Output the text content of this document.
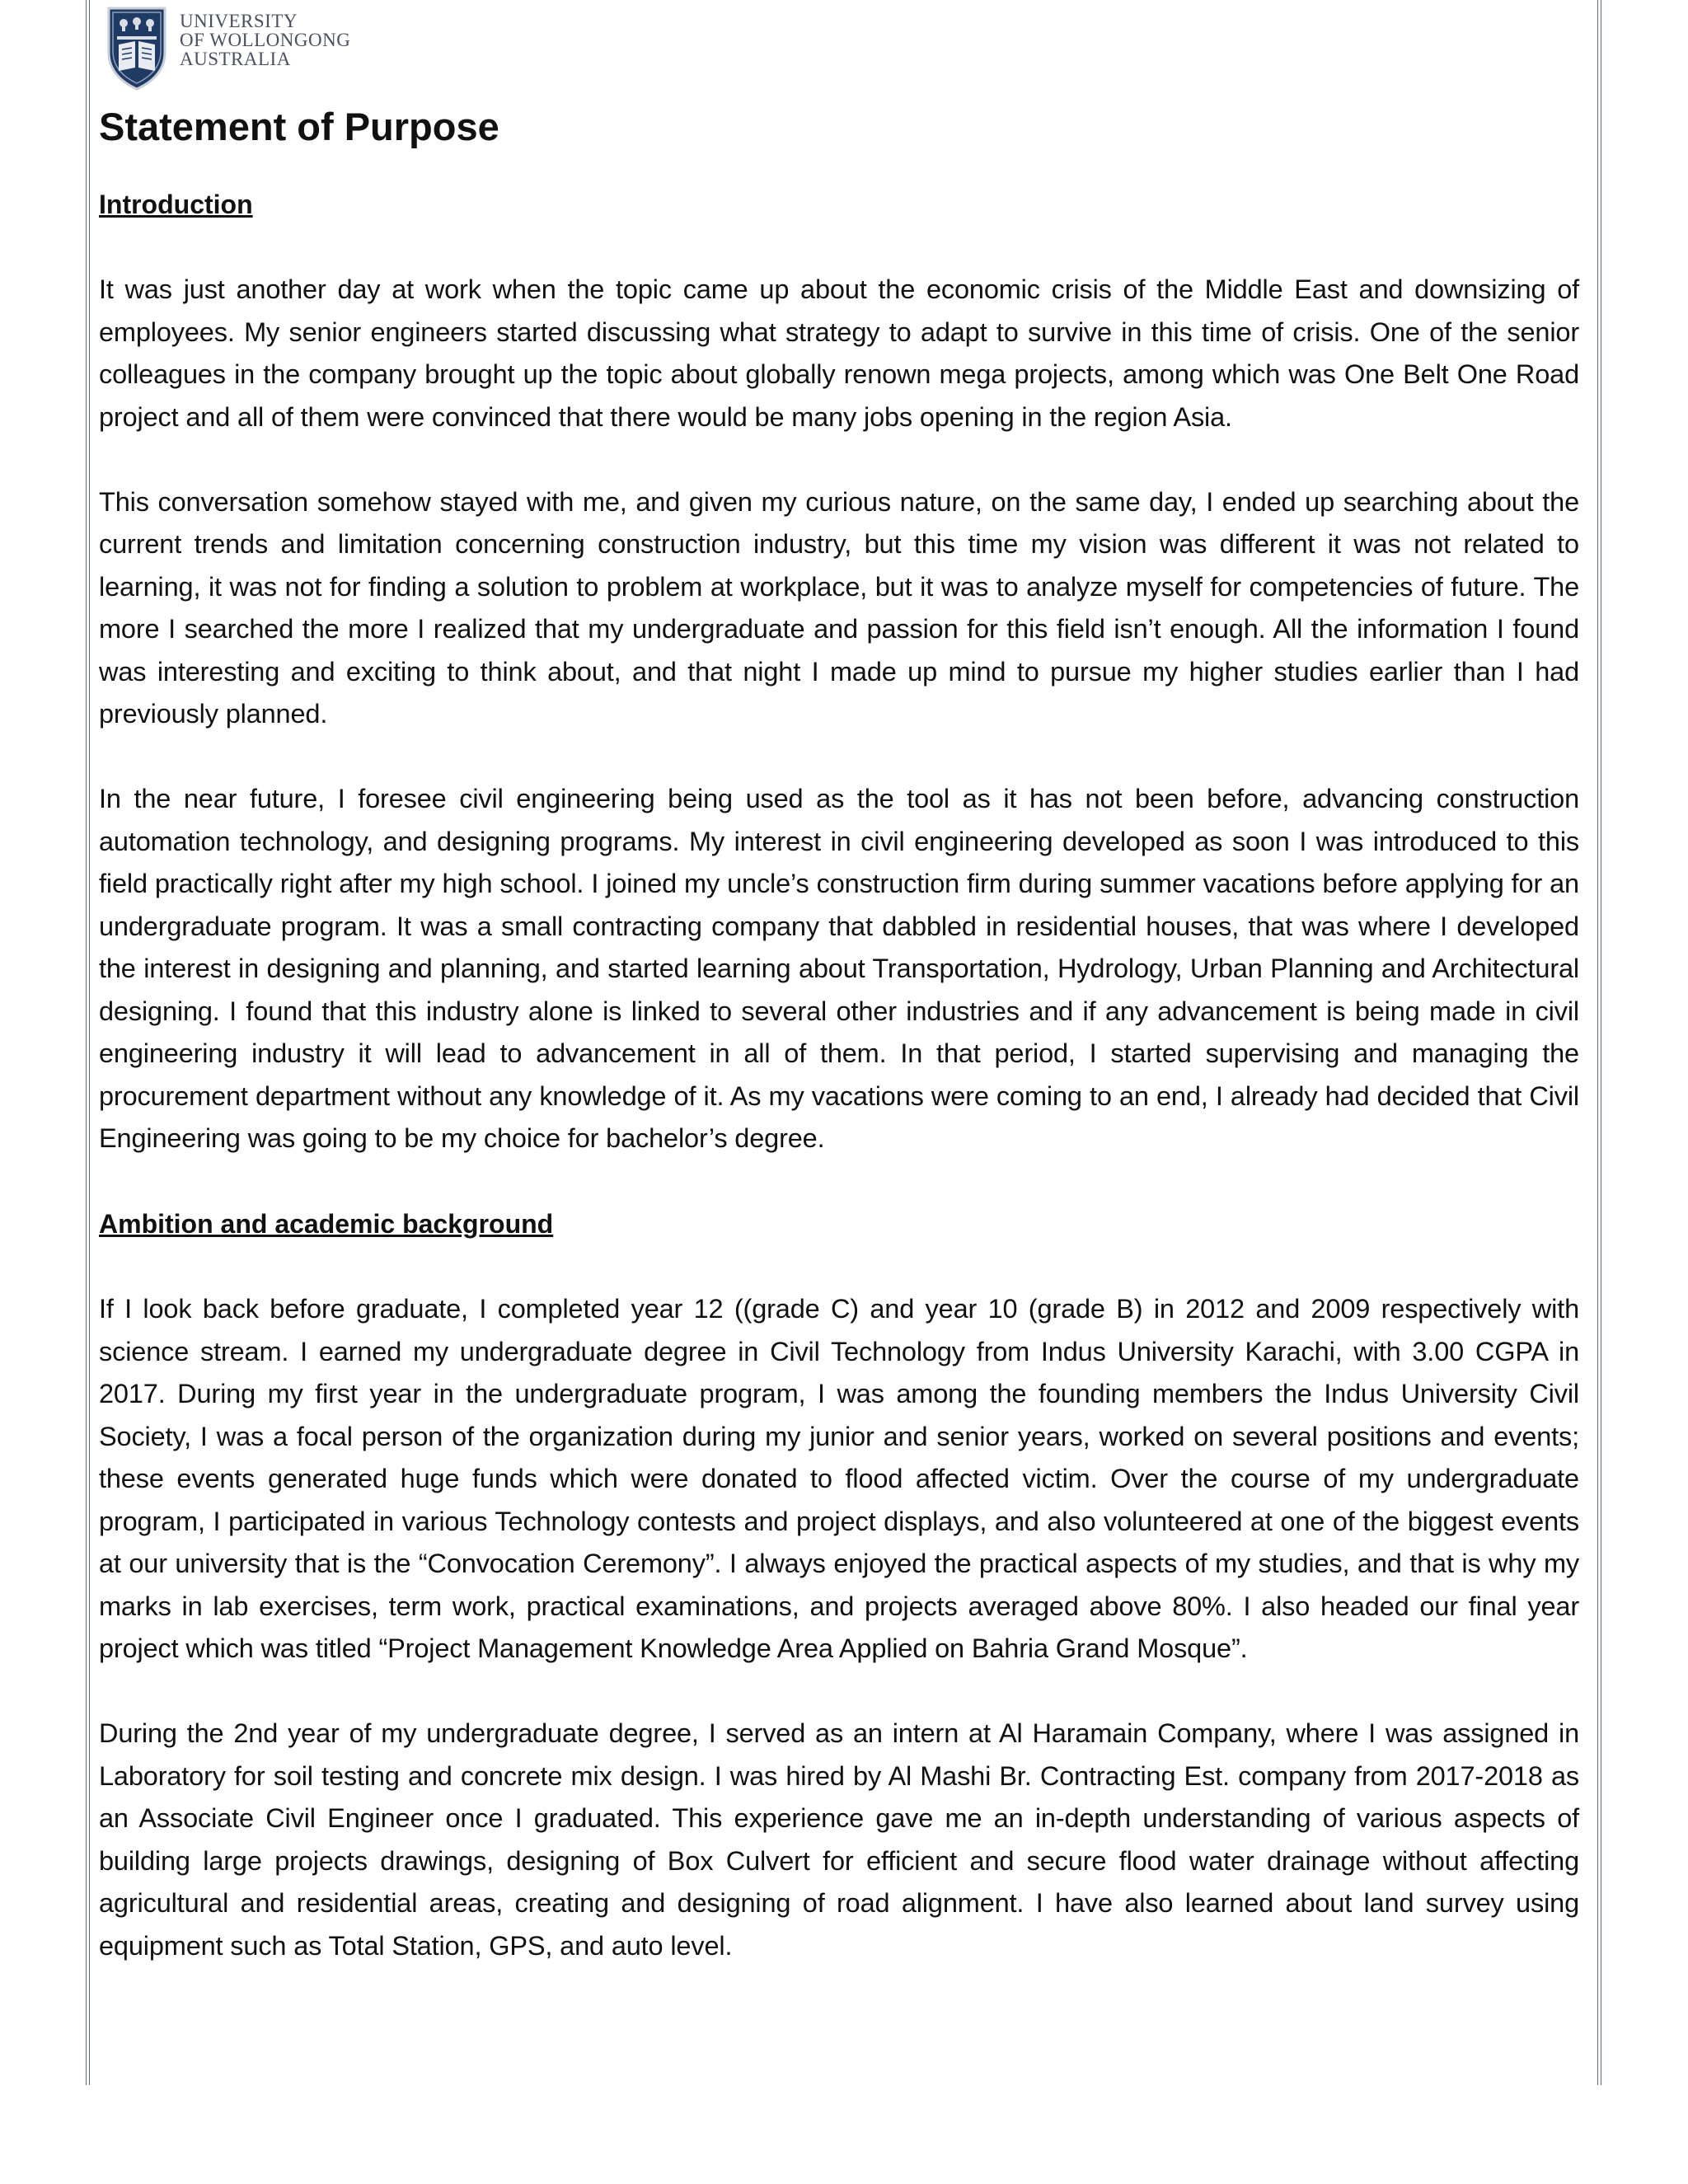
UNIVERSITY
OF WOLLONGONG
AUSTRALIA
Statement of Purpose
Introduction

It was just another day at work when the topic came up about the economic crisis of the Middle East and downsizing of employees. My senior engineers started discussing what strategy to adapt to survive in this time of crisis. One of the senior colleagues in the company brought up the topic about globally renown mega projects, among which was One Belt One Road project and all of them were convinced that there would be many jobs opening in the region Asia.

This conversation somehow stayed with me, and given my curious nature, on the same day, I ended up searching about the current trends and limitation concerning construction industry, but this time my vision was different it was not related to learning, it was not for finding a solution to problem at workplace, but it was to analyze myself for competencies of future. The more I searched the more I realized that my undergraduate and passion for this field isn’t enough. All the information I found was interesting and exciting to think about, and that night I made up mind to pursue my higher studies earlier than I had previously planned.

In the near future, I foresee civil engineering being used as the tool as it has not been before, advancing construction automation technology, and designing programs. My interest in civil engineering developed as soon I was introduced to this field practically right after my high school. I joined my uncle’s construction firm during summer vacations before applying for an undergraduate program. It was a small contracting company that dabbled in residential houses, that was where I developed the interest in designing and planning, and started learning about Transportation, Hydrology, Urban Planning and Architectural designing. I found that this industry alone is linked to several other industries and if any advancement is being made in civil engineering industry it will lead to advancement in all of them. In that period, I started supervising and managing the procurement department without any knowledge of it. As my vacations were coming to an end, I already had decided that Civil Engineering was going to be my choice for bachelor’s degree.

Ambition and academic background

If I look back before graduate, I completed year 12 ((grade C) and year 10 (grade B) in 2012 and 2009 respectively with science stream. I earned my undergraduate degree in Civil Technology from Indus University Karachi, with 3.00 CGPA in 2017. During my first year in the undergraduate program, I was among the founding members the Indus University Civil Society, I was a focal person of the organization during my junior and senior years, worked on several positions and events; these events generated huge funds which were donated to flood affected victim. Over the course of my undergraduate program, I participated in various Technology contests and project displays, and also volunteered at one of the biggest events at our university that is the “Convocation Ceremony”. I always enjoyed the practical aspects of my studies, and that is why my marks in lab exercises, term work, practical examinations, and projects averaged above 80%. I also headed our final year project which was titled “Project Management Knowledge Area Applied on Bahria Grand Mosque”.

During the 2nd year of my undergraduate degree, I served as an intern at Al Haramain Company, where I was assigned in Laboratory for soil testing and concrete mix design. I was hired by Al Mashi Br. Contracting Est. company from 2017-2018 as an Associate Civil Engineer once I graduated. This experience gave me an in-depth understanding of various aspects of building large projects drawings, designing of Box Culvert for efficient and secure flood water drainage without affecting agricultural and residential areas, creating and designing of road alignment. I have also learned about land survey using equipment such as Total Station, GPS, and auto level.
